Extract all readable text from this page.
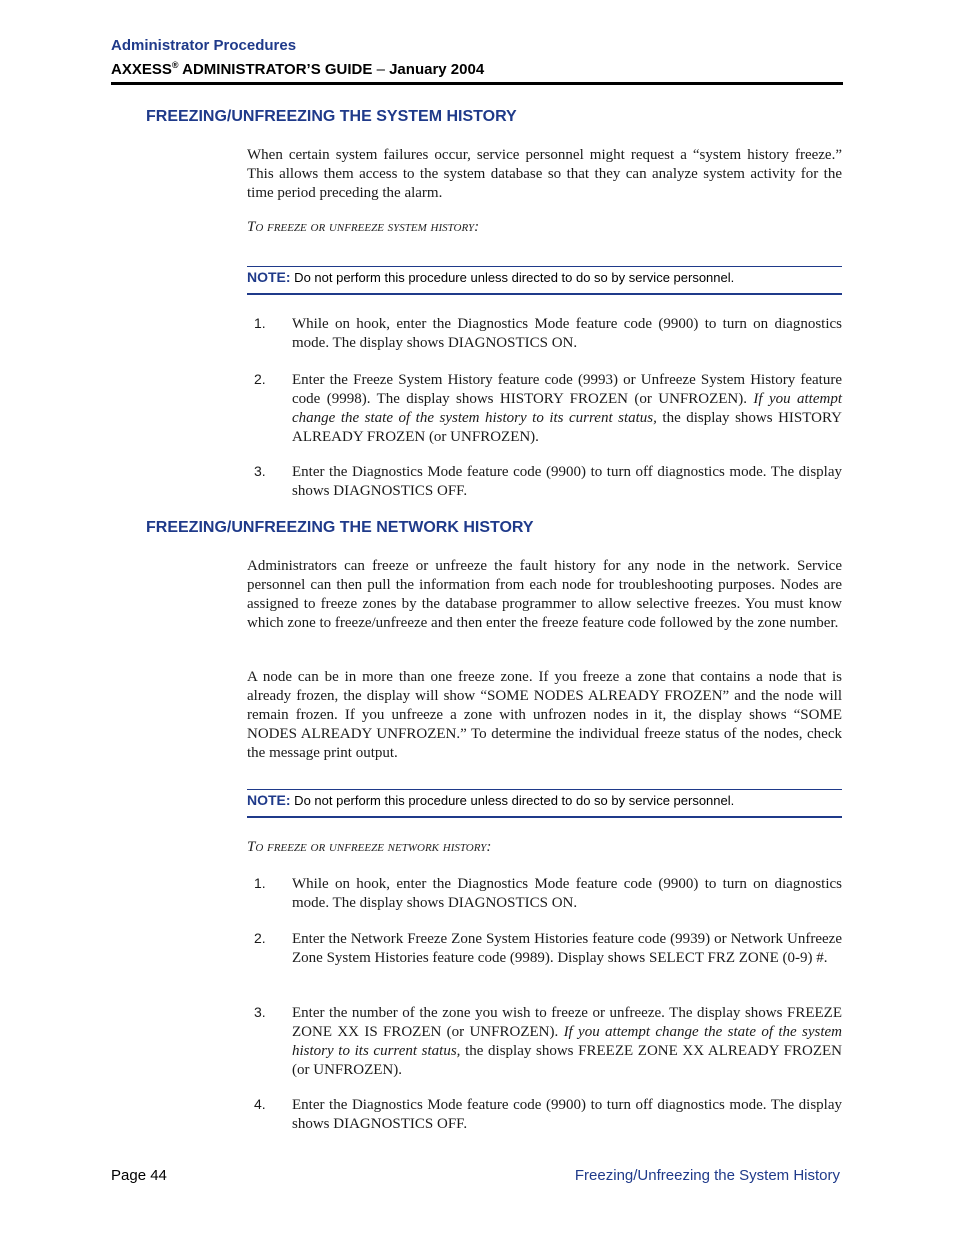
Administrator Procedures
AXXESS® ADMINISTRATOR’S GUIDE – January 2004
FREEZING/UNFREEZING THE SYSTEM HISTORY
When certain system failures occur, service personnel might request a “system history freeze.” This allows them access to the system database so that they can analyze system activity for the time period preceding the alarm.
To freeze or unfreeze system history:
NOTE: Do not perform this procedure unless directed to do so by service personnel.
1. While on hook, enter the Diagnostics Mode feature code (9900) to turn on diagnostics mode. The display shows DIAGNOSTICS ON.
2. Enter the Freeze System History feature code (9993) or Unfreeze System History feature code (9998). The display shows HISTORY FROZEN (or UNFROZEN). If you attempt change the state of the system history to its current status, the display shows HISTORY ALREADY FROZEN (or UNFROZEN).
3. Enter the Diagnostics Mode feature code (9900) to turn off diagnostics mode. The display shows DIAGNOSTICS OFF.
FREEZING/UNFREEZING THE NETWORK HISTORY
Administrators can freeze or unfreeze the fault history for any node in the network. Service personnel can then pull the information from each node for troubleshooting purposes. Nodes are assigned to freeze zones by the database programmer to allow selective freezes. You must know which zone to freeze/unfreeze and then enter the freeze feature code followed by the zone number.
A node can be in more than one freeze zone. If you freeze a zone that contains a node that is already frozen, the display will show “SOME NODES ALREADY FROZEN” and the node will remain frozen. If you unfreeze a zone with unfrozen nodes in it, the display shows “SOME NODES ALREADY UNFROZEN.” To determine the individual freeze status of the nodes, check the message print output.
NOTE: Do not perform this procedure unless directed to do so by service personnel.
To freeze or unfreeze network history:
1. While on hook, enter the Diagnostics Mode feature code (9900) to turn on diagnostics mode. The display shows DIAGNOSTICS ON.
2. Enter the Network Freeze Zone System Histories feature code (9939) or Network Unfreeze Zone System Histories feature code (9989). Display shows SELECT FRZ ZONE (0-9) #.
3. Enter the number of the zone you wish to freeze or unfreeze. The display shows FREEZE ZONE XX IS FROZEN (or UNFROZEN). If you attempt change the state of the system history to its current status, the display shows FREEZE ZONE XX ALREADY FROZEN (or UNFROZEN).
4. Enter the Diagnostics Mode feature code (9900) to turn off diagnostics mode. The display shows DIAGNOSTICS OFF.
Page 44	Freezing/Unfreezing the System History
